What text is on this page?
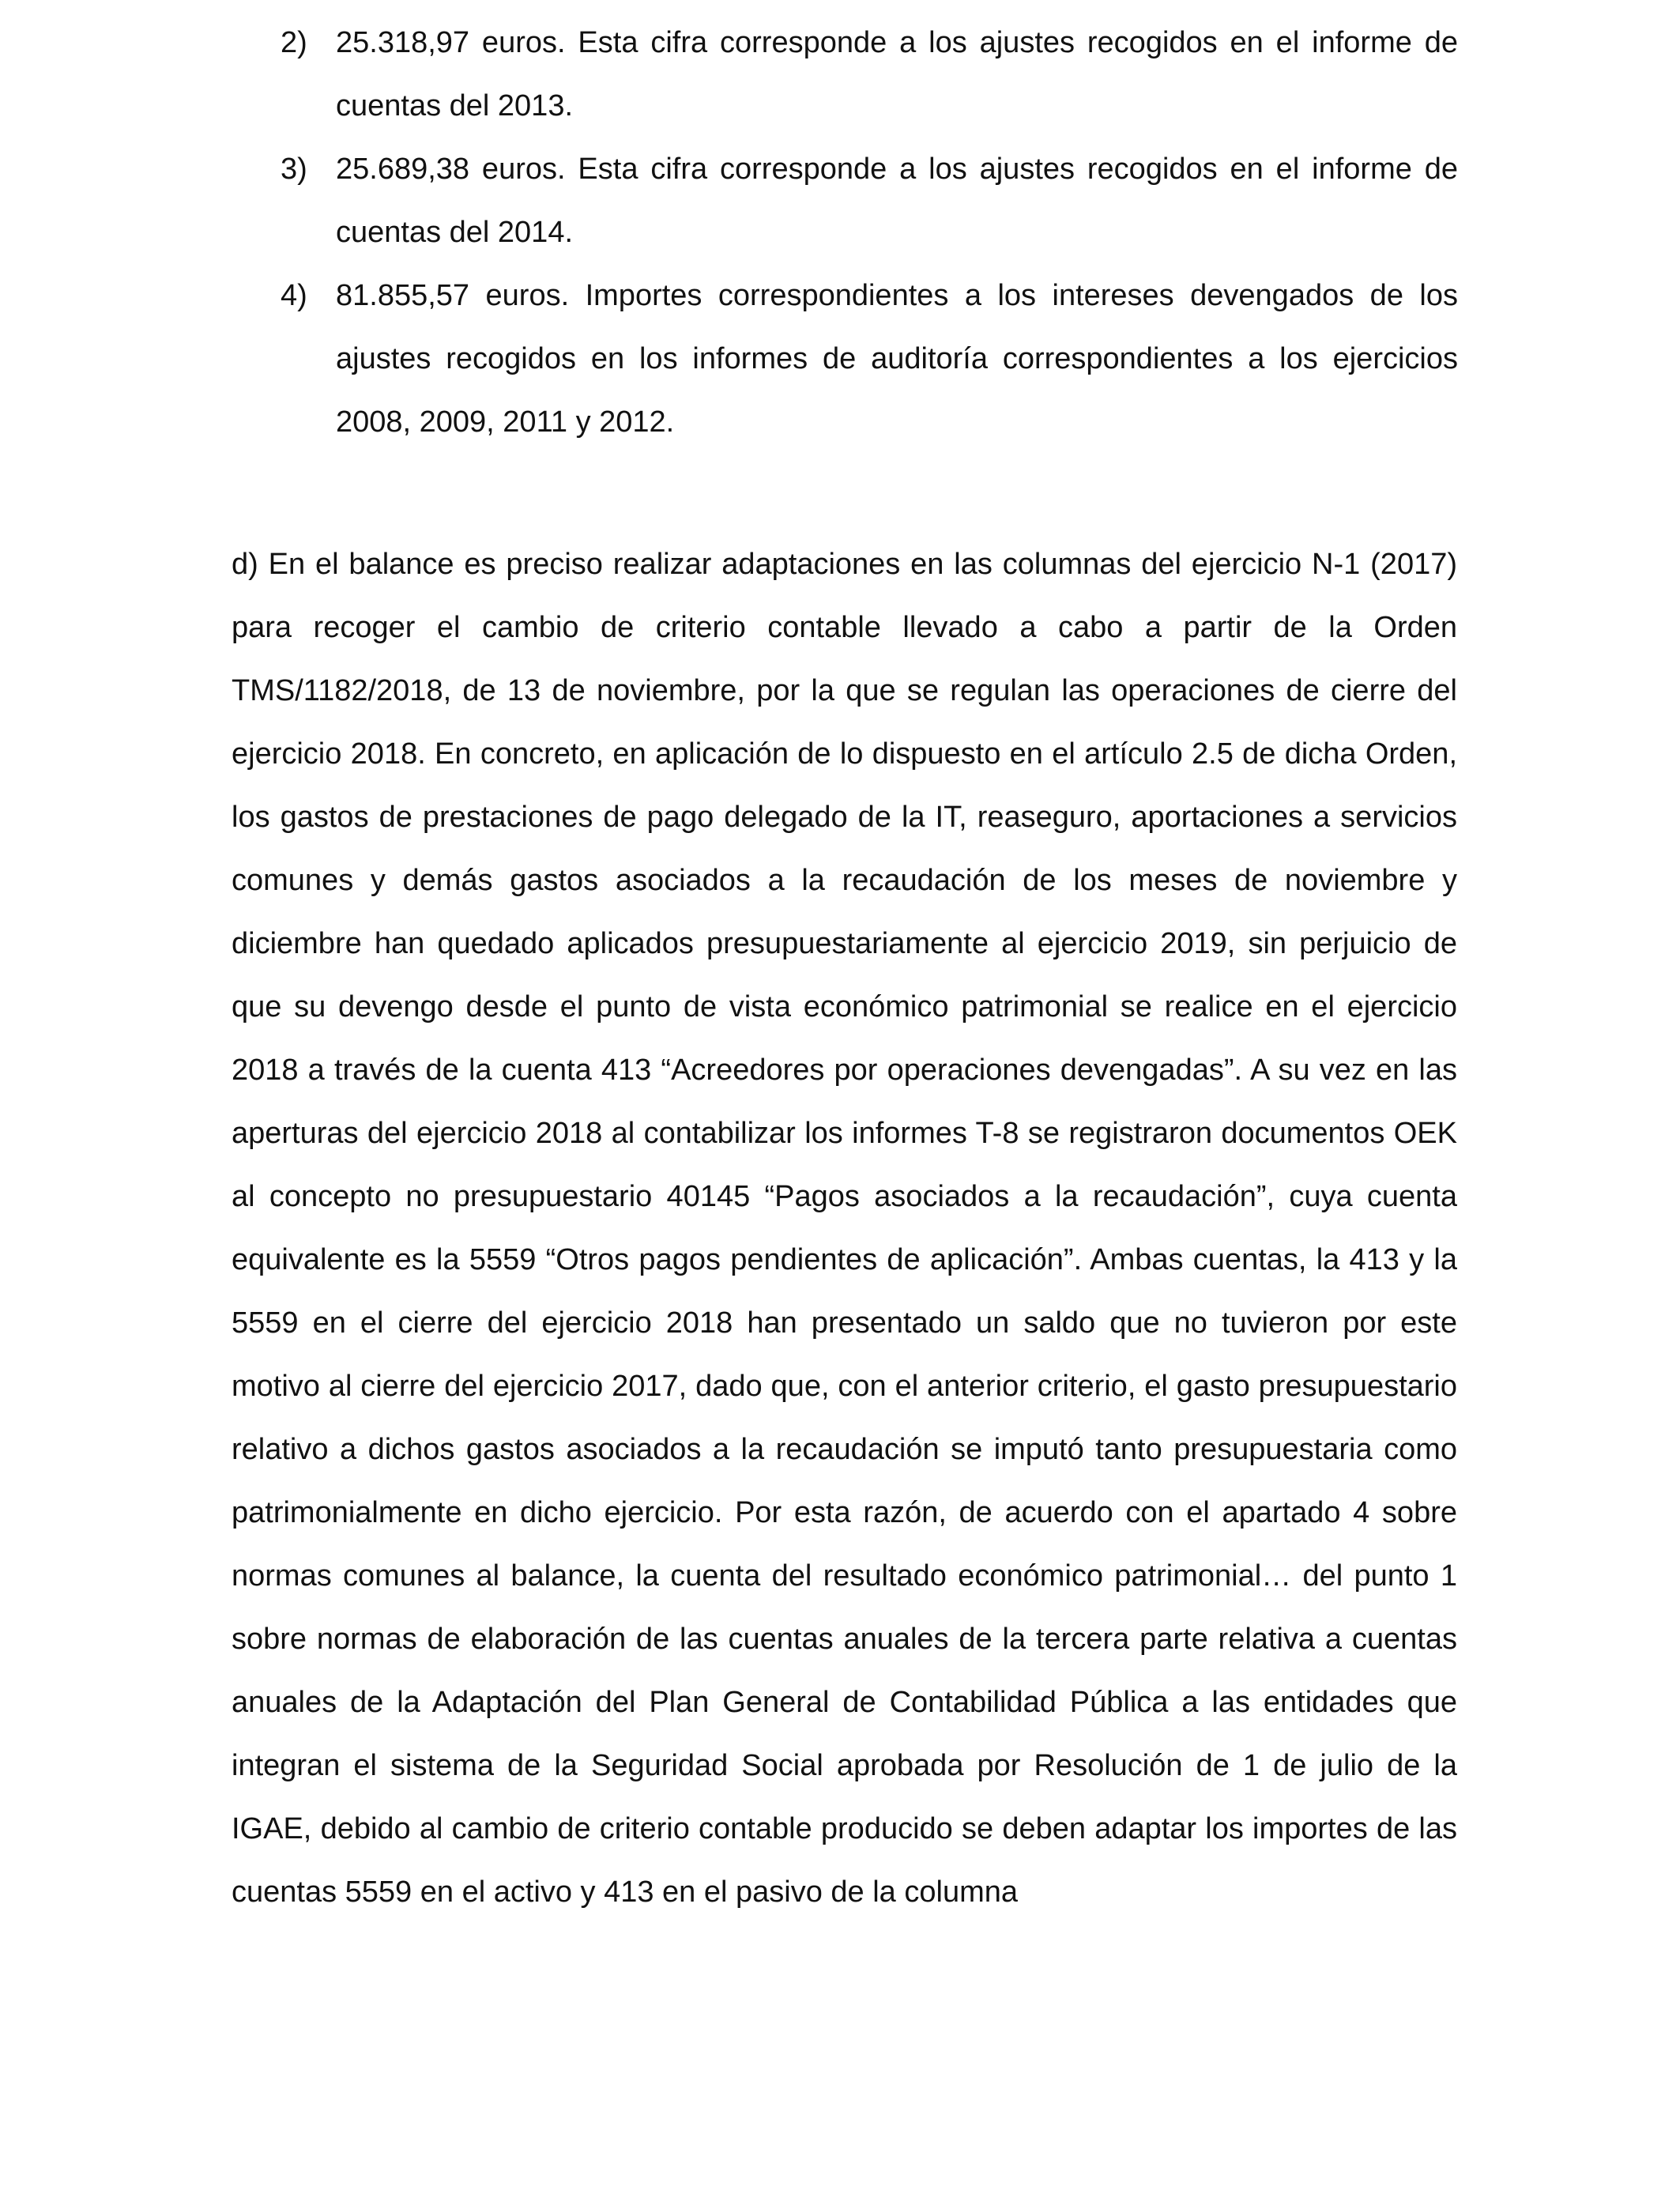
2) 25.318,97 euros. Esta cifra corresponde a los ajustes recogidos en el informe de cuentas del 2013.
3) 25.689,38 euros. Esta cifra corresponde a los ajustes recogidos en el informe de cuentas del 2014.
4) 81.855,57 euros. Importes correspondientes a los intereses devengados de los ajustes recogidos en los informes de auditoría correspondientes a los ejercicios 2008, 2009, 2011 y 2012.

d) En el balance es preciso realizar adaptaciones en las columnas del ejercicio N-1 (2017) para recoger el cambio de criterio contable llevado a cabo a partir de la Orden TMS/1182/2018, de 13 de noviembre, por la que se regulan las operaciones de cierre del ejercicio 2018. En concreto, en aplicación de lo dispuesto en el artículo 2.5 de dicha Orden, los gastos de prestaciones de pago delegado de la IT, reaseguro, aportaciones a servicios comunes y demás gastos asociados a la recaudación de los meses de noviembre y diciembre han quedado aplicados presupuestariamente al ejercicio 2019, sin perjuicio de que su devengo desde el punto de vista económico patrimonial se realice en el ejercicio 2018 a través de la cuenta 413 “Acreedores por operaciones devengadas”. A su vez en las aperturas del ejercicio 2018 al contabilizar los informes T-8 se registraron documentos OEK al concepto no presupuestario 40145 “Pagos asociados a la recaudación”, cuya cuenta equivalente es la 5559 “Otros pagos pendientes de aplicación”. Ambas cuentas, la 413 y la 5559 en el cierre del ejercicio 2018 han presentado un saldo que no tuvieron por este motivo al cierre del ejercicio 2017, dado que, con el anterior criterio, el gasto presupuestario relativo a dichos gastos asociados a la recaudación se imputó tanto presupuestaria como patrimonialmente en dicho ejercicio. Por esta razón, de acuerdo con el apartado 4 sobre normas comunes al balance, la cuenta del resultado económico patrimonial… del punto 1 sobre normas de elaboración de las cuentas anuales de la tercera parte relativa a cuentas anuales de la Adaptación del Plan General de Contabilidad Pública a las entidades que integran el sistema de la Seguridad Social aprobada por Resolución de 1 de julio de la IGAE, debido al cambio de criterio contable producido se deben adaptar los importes de las cuentas 5559 en el activo y 413 en el pasivo de la columna
